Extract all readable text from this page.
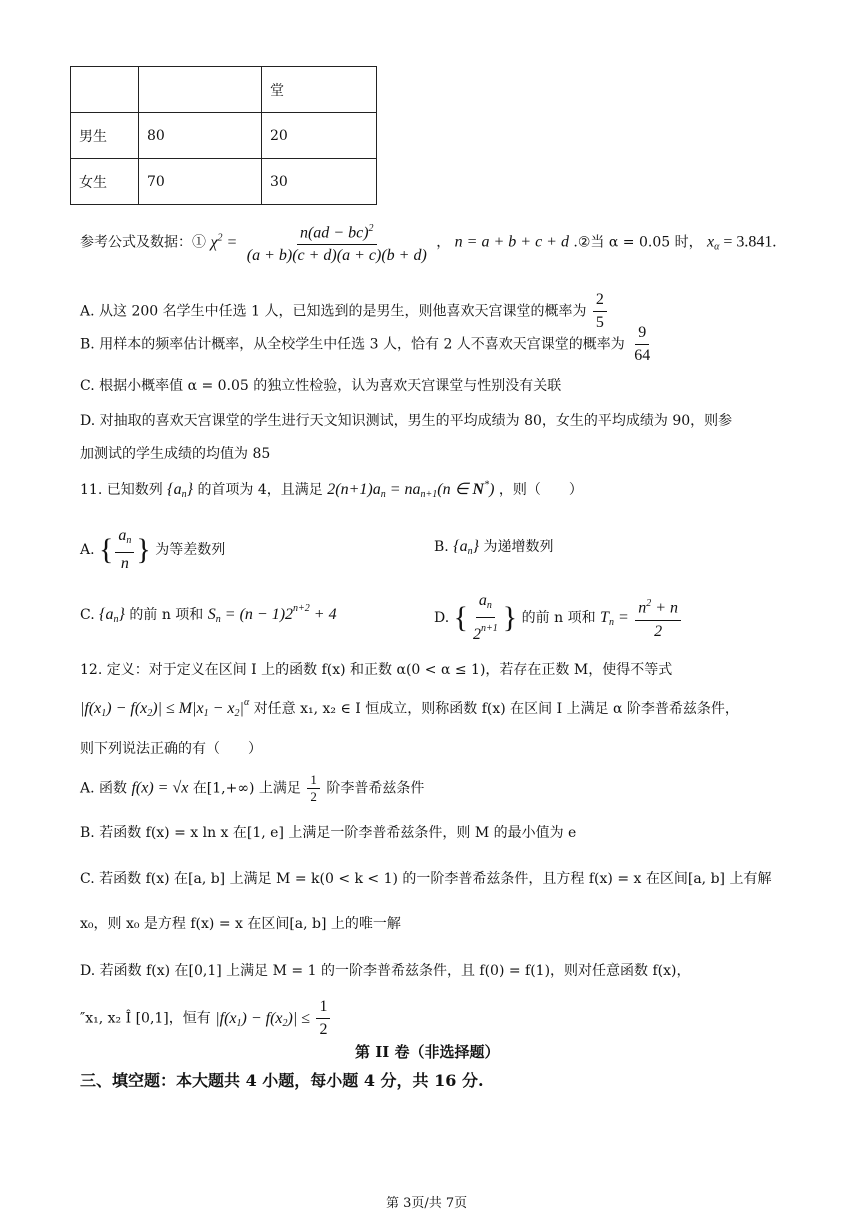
		堂
男生	80	20
女生	70	30
参考公式及数据：① $\chi^2 = \frac{n(ad - bc)^2}{(a + b)(c + d)(a + c)(b + d)}$ ， n = a + b + c + d .②当 α = 0.05 时， $x_\alpha = 3.841$.
A. 从这 200 名学生中任选 1 人，已知选到的是男生，则他喜欢天宫课堂的概率为 $\frac{2}{5}$
B. 用样本的频率估计概率，从全校学生中任选 3 人，恰有 2 人不喜欢天宫课堂的概率为 $\frac{9}{64}$
C. 根据小概率值 α = 0.05 的独立性检验，认为喜欢天宫课堂与性别没有关联
D. 对抽取的喜欢天宫课堂的学生进行天文知识测试，男生的平均成绩为 80，女生的平均成绩为 90，则参
加测试的学生成绩的均值为 85
11. 已知数列 $\{a_n\}$ 的首项为 4，且满足 $2(n+1)a_n = na_{n+1}(n$ ∈ N*) ，则（　　）
A. { $\frac{a_n}{n}$ } 为等差数列	B. $\{a_n\}$ 为递增数列
C. $\{a_n\}$ 的前 n 项和 $S_n = (n - 1)2^{n+2} + 4$	D. { $\frac{a_n}{2^{n+1}}$ } 的前 n 项和 $T_n = \frac{n^2 + n}{2}$
12. 定义：对于定义在区间 I 上的函数 f(x) 和正数 α(0 < α ≤ 1)，若存在正数 M，使得不等式
$|f(x_1) - f(x_2)| \le M|x_1 - x_2|^\alpha$ 对任意 x₁, x₂ ∈ I 恒成立，则称函数 f(x) 在区间 I 上满足 α 阶李普希兹条件，
则下列说法正确的有（　　）
A. 函数 f(x) = √x 在[1,+∞) 上满足 $\frac{1}{2}$ 阶李普希兹条件
B. 若函数 f(x) = x ln x 在[1, e] 上满足一阶李普希兹条件，则 M 的最小值为 e
C. 若函数 f(x) 在[a, b] 上满足 M = k(0 < k < 1) 的一阶李普希兹条件，且方程 f(x) = x 在区间[a, b] 上有解
x₀，则 x₀ 是方程 f(x) = x 在区间[a, b] 上的唯一解
D. 若函数 f(x) 在[0,1] 上满足 M = 1 的一阶李普希兹条件，且 f(0) = f(1)，则对任意函数 f(x)，
″x₁, x₂ Î [0,1]，恒有 $|f(x_1) - f(x_2)| \le \frac{1}{2}$
第 II 卷（非选择题）
三、填空题：本大题共 4 小题，每小题 4 分，共 16 分.
第 3页/共 7页
